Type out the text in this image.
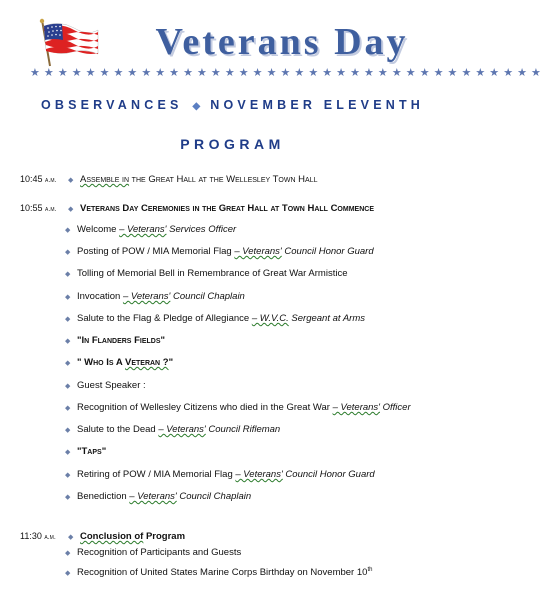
Veterans Day
★ ★ ★ ★ ★ ★ ★ ★ ★ ★ ★ ★ ★ ★ ★ ★ ★ ★ ★ ★ ★ ★ ★ ★ ★ ★ ★ ★ ★ ★ ★ ★ ★ ★ ★ ★ ★
OBSERVANCES ◆ NOVEMBER ELEVENTH
PROGRAM
10:45 a.m. ◆ Assemble in the Great Hall at the Wellesley Town Hall
10:55 a.m. ◆ Veterans Day Ceremonies in the Great Hall at Town Hall Commence
◆ Welcome – Veterans' Services Officer
◆ Posting of POW / MIA Memorial Flag – Veterans' Council Honor Guard
◆ Tolling of Memorial Bell in Remembrance of Great War Armistice
◆ Invocation – Veterans' Council Chaplain
◆ Salute to the Flag & Pledge of Allegiance – W.V.C. Sergeant at Arms
◆ "In Flanders Fields"
◆ " Who Is A Veteran ?"
◆ Guest Speaker :
◆ Recognition of Wellesley Citizens who died in the Great War – Veterans' Officer
◆ Salute to the Dead – Veterans' Council Rifleman
◆ "Taps"
◆ Retiring of POW / MIA Memorial Flag – Veterans' Council Honor Guard
◆ Benediction – Veterans' Council Chaplain
11:30 a.m. ◆ Conclusion of Program
◆ Recognition of Participants and Guests
◆ Recognition of United States Marine Corps Birthday on November 10th
